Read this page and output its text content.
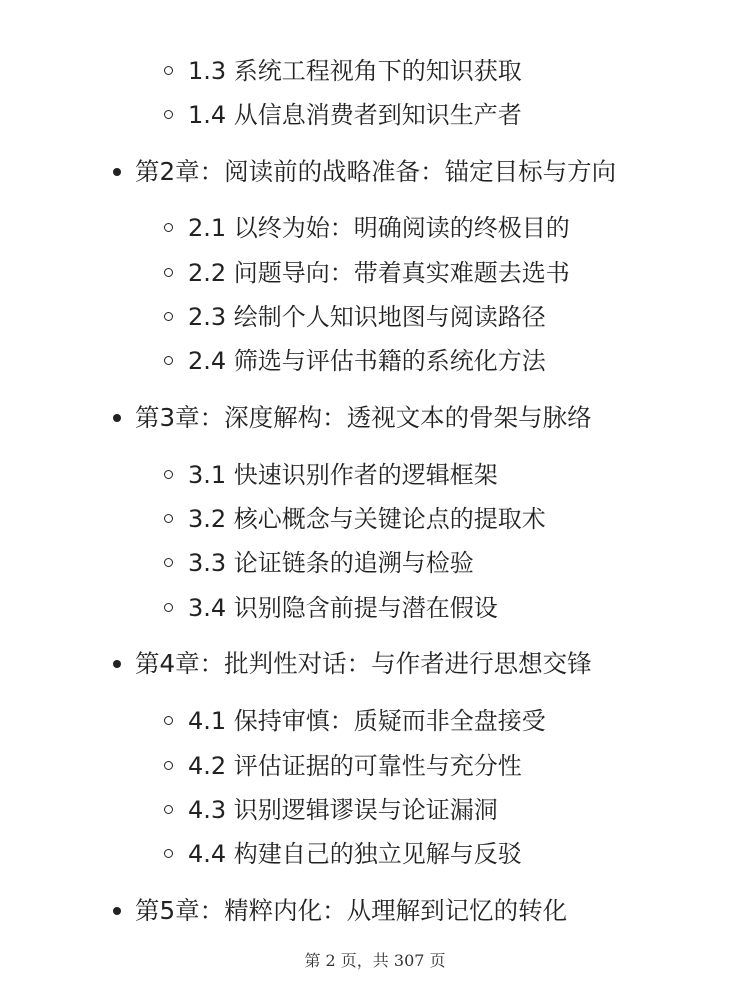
1.3 系统工程视角下的知识获取
1.4 从信息消费者到知识生产者
第2章：阅读前的战略准备：锚定目标与方向
2.1 以终为始：明确阅读的终极目的
2.2 问题导向：带着真实难题去选书
2.3 绘制个人知识地图与阅读路径
2.4 筛选与评估书籍的系统化方法
第3章：深度解构：透视文本的骨架与脉络
3.1 快速识别作者的逻辑框架
3.2 核心概念与关键论点的提取术
3.3 论证链条的追溯与检验
3.4 识别隐含前提与潜在假设
第4章：批判性对话：与作者进行思想交锋
4.1 保持审慎：质疑而非全盘接受
4.2 评估证据的可靠性与充分性
4.3 识别逻辑谬误与论证漏洞
4.4 构建自己的独立见解与反驳
第5章：精粹内化：从理解到记忆的转化
第 2 页，共 307 页
